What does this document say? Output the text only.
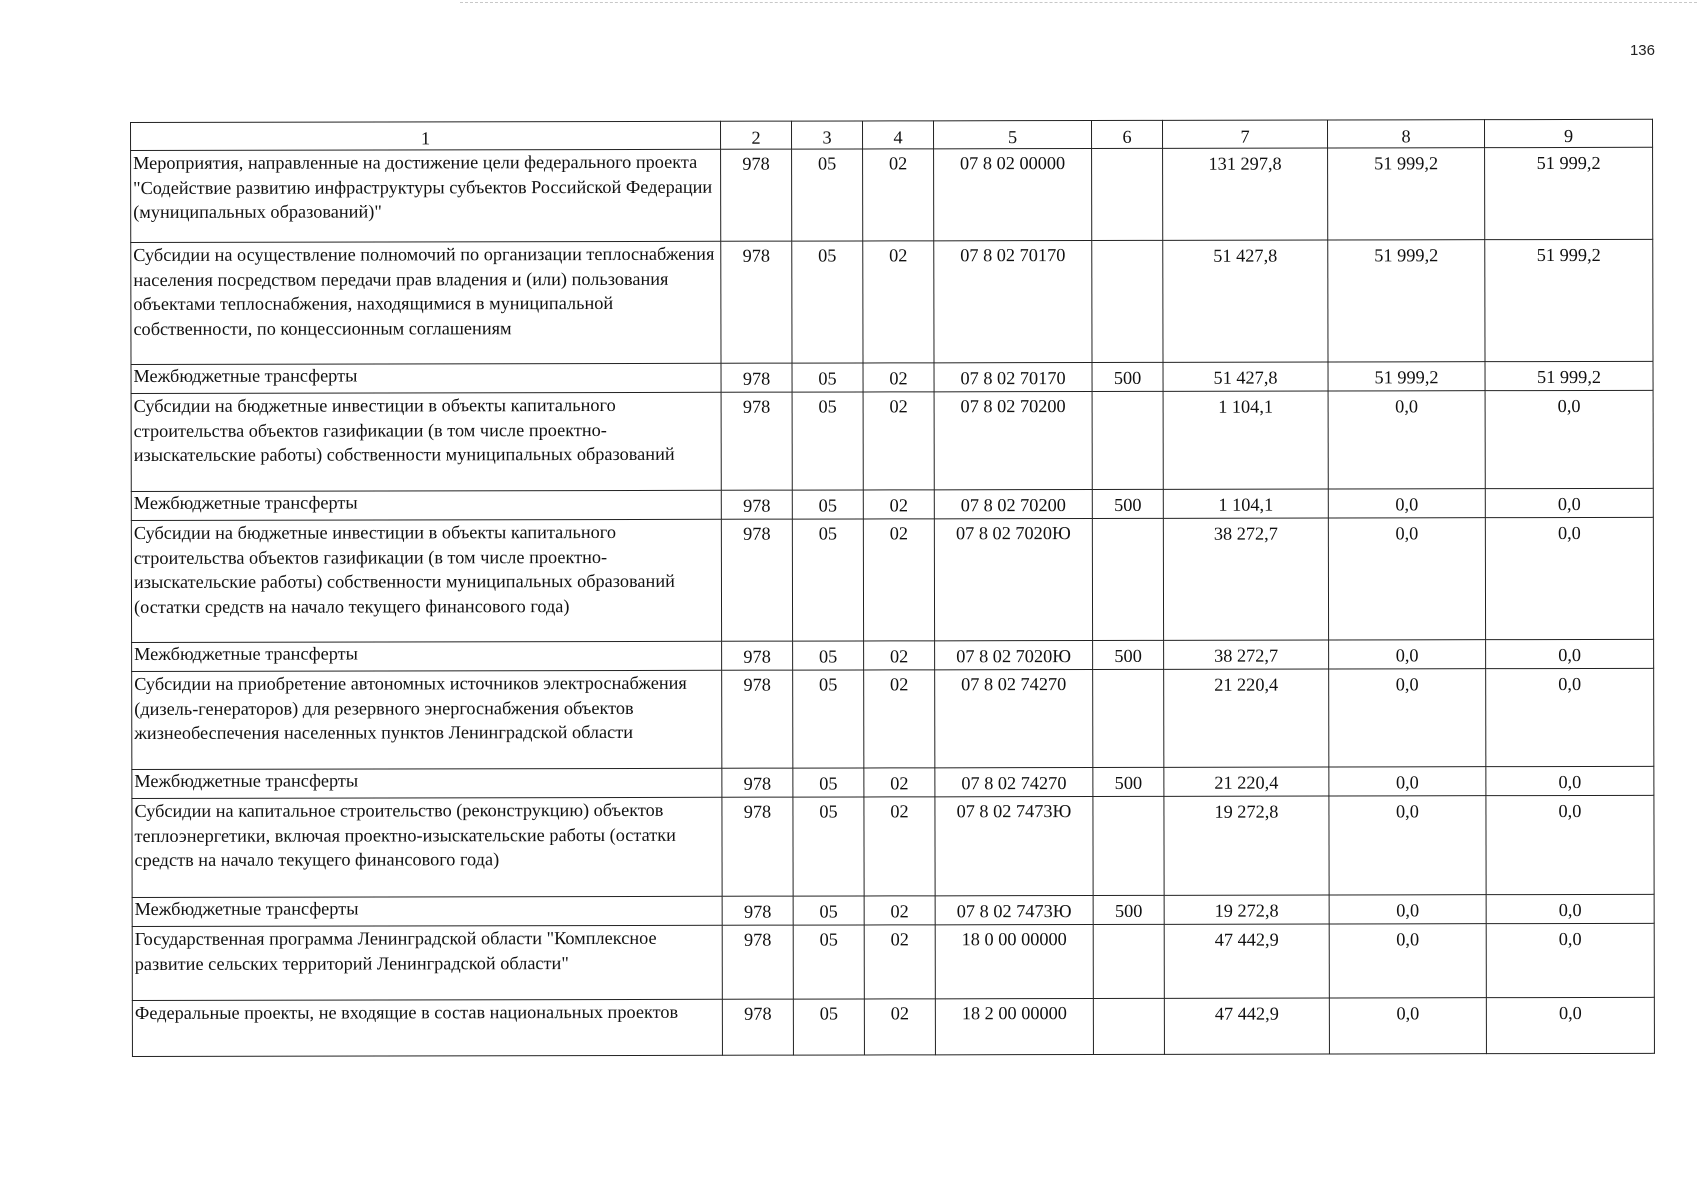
136
1	2	3	4	5	6	7	8	9
Мероприятия, направленные на достижение цели федерального проекта "Содействие развитию инфраструктуры субъектов Российской Федерации (муниципальных образований)"	978	05	02	07 8 02 00000		131 297,8	51 999,2	51 999,2
Субсидии на осуществление полномочий по организации теплоснабжения населения посредством передачи прав владения и (или) пользования объектами теплоснабжения, находящимися в муниципальной собственности, по концессионным соглашениям	978	05	02	07 8 02 70170		51 427,8	51 999,2	51 999,2
Межбюджетные трансферты	978	05	02	07 8 02 70170	500	51 427,8	51 999,2	51 999,2
Субсидии на бюджетные инвестиции в объекты капитального строительства объектов газификации (в том числе проектно-изыскательские работы) собственности муниципальных образований	978	05	02	07 8 02 70200		1 104,1	0,0	0,0
Межбюджетные трансферты	978	05	02	07 8 02 70200	500	1 104,1	0,0	0,0
Субсидии на бюджетные инвестиции в объекты капитального строительства объектов газификации (в том числе проектно-изыскательские работы) собственности муниципальных образований (остатки средств на начало текущего финансового года)	978	05	02	07 8 02 7020Ю		38 272,7	0,0	0,0
Межбюджетные трансферты	978	05	02	07 8 02 7020Ю	500	38 272,7	0,0	0,0
Субсидии на приобретение автономных источников электроснабжения (дизель-генераторов) для резервного энергоснабжения объектов жизнеобеспечения населенных пунктов Ленинградской области	978	05	02	07 8 02 74270		21 220,4	0,0	0,0
Межбюджетные трансферты	978	05	02	07 8 02 74270	500	21 220,4	0,0	0,0
Субсидии на капитальное строительство (реконструкцию) объектов теплоэнергетики, включая проектно-изыскательские работы (остатки средств на начало текущего финансового года)	978	05	02	07 8 02 7473Ю		19 272,8	0,0	0,0
Межбюджетные трансферты	978	05	02	07 8 02 7473Ю	500	19 272,8	0,0	0,0
Государственная программа Ленинградской области "Комплексное развитие сельских территорий Ленинградской области"	978	05	02	18 0 00 00000		47 442,9	0,0	0,0
Федеральные проекты, не входящие в состав национальных проектов	978	05	02	18 2 00 00000		47 442,9	0,0	0,0
